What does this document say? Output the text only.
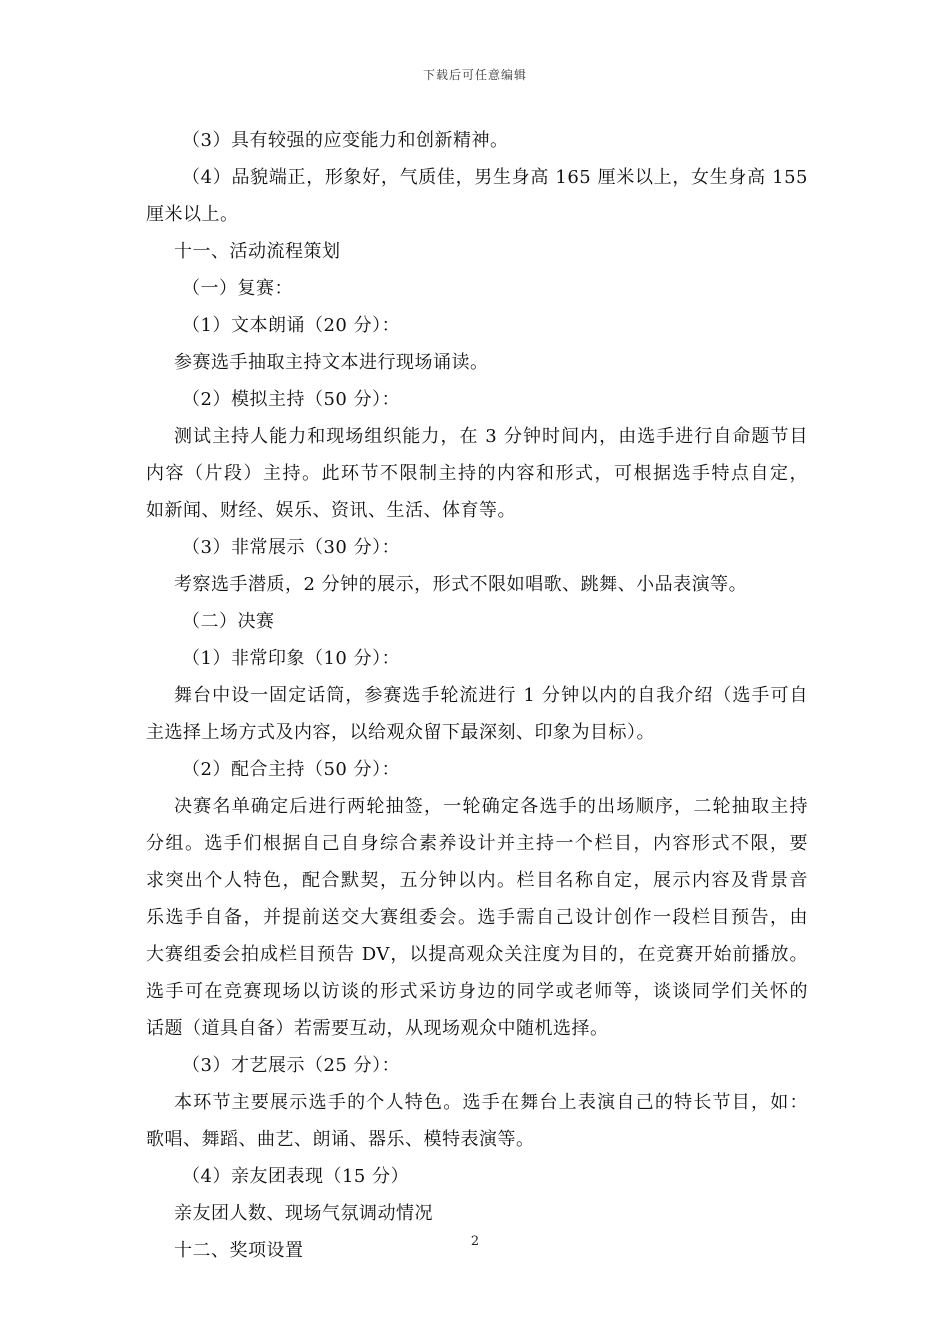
下载后可任意编辑
（3）具有较强的应变能力和创新精神。
（4）品貌端正，形象好，气质佳，男生身高 165 厘米以上，女生身高 155
厘米以上。
十一、活动流程策划
（一）复赛：
（1）文本朗诵（20 分）：
参赛选手抽取主持文本进行现场诵读。
（2）模拟主持（50 分）：
测试主持人能力和现场组织能力，在 3 分钟时间内，由选手进行自命题节目
内容（片段）主持。此环节不限制主持的内容和形式，可根据选手特点自定，
如新闻、财经、娱乐、资讯、生活、体育等。
（3）非常展示（30 分）：
考察选手潜质，2 分钟的展示，形式不限如唱歌、跳舞、小品表演等。
（二）决赛
（1）非常印象（10 分）：
舞台中设一固定话筒，参赛选手轮流进行 1 分钟以内的自我介绍（选手可自
主选择上场方式及内容，以给观众留下最深刻、印象为目标）。
（2）配合主持（50 分）：
决赛名单确定后进行两轮抽签，一轮确定各选手的出场顺序，二轮抽取主持
分组。选手们根据自己自身综合素养设计并主持一个栏目，内容形式不限，要
求突出个人特色，配合默契，五分钟以内。栏目名称自定，展示内容及背景音
乐选手自备，并提前送交大赛组委会。选手需自己设计创作一段栏目预告，由
大赛组委会拍成栏目预告 DV，以提高观众关注度为目的，在竞赛开始前播放。
选手可在竞赛现场以访谈的形式采访身边的同学或老师等，谈谈同学们关怀的
话题（道具自备）若需要互动，从现场观众中随机选择。
（3）才艺展示（25 分）：
本环节主要展示选手的个人特色。选手在舞台上表演自己的特长节目，如：
歌唱、舞蹈、曲艺、朗诵、器乐、模特表演等。
（4）亲友团表现（15 分）
亲友团人数、现场气氛调动情况
十二、奖项设置	2
